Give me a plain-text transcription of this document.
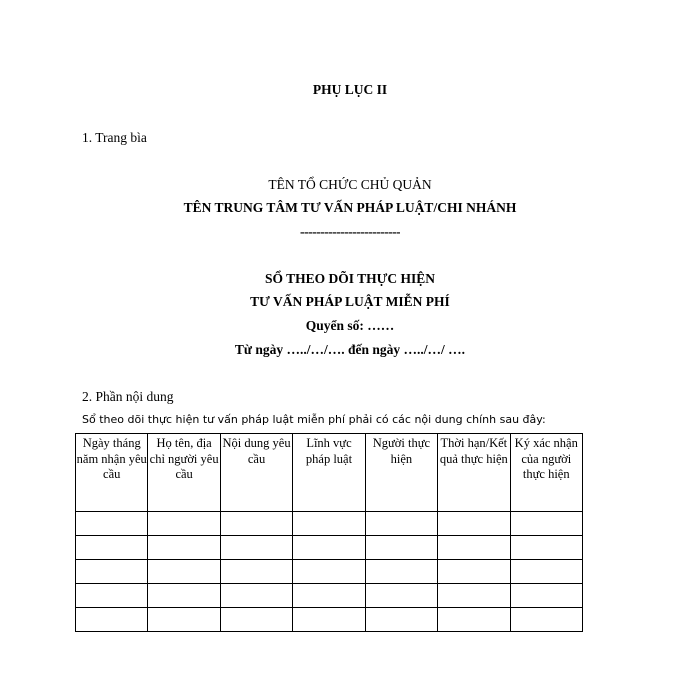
PHỤ LỤC II
1. Trang bìa
TÊN TỔ CHỨC CHỦ QUẢN
TÊN TRUNG TÂM TƯ VẤN PHÁP LUẬT/CHI NHÁNH
-------------------------
SỔ THEO DÕI THỰC HIỆN
TƯ VẤN PHÁP LUẬT MIỄN PHÍ
Quyển số: ……
Từ ngày …../…/…. đến ngày …../…/ ….
2. Phần nội dung
Sổ theo dõi thực hiện tư vấn pháp luật miễn phí phải có các nội dung chính sau đây:
Ngày tháng năm nhận yêu cầu	Họ tên, địa chỉ người yêu cầu	Nội dung yêu cầu	Lĩnh vực pháp luật	Người thực hiện	Thời hạn/Kết quả thực hiện	Ký xác nhận của người thực hiện
